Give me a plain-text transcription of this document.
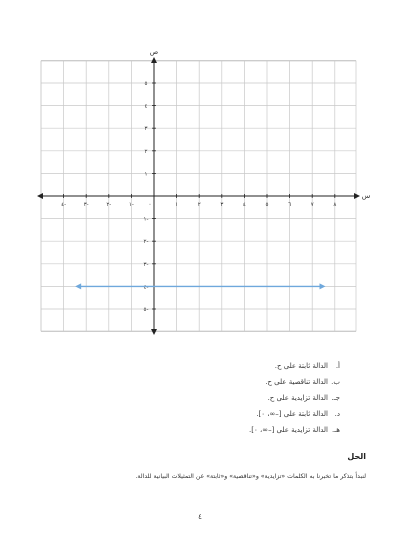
س
ص
٠
٤-	٣-	٢-	١-	١	٢	٣	٤	٥	٦	٧	٨
٥
٤
٣
٢
١
١-
٢-
٣-
٤-
٥-
أ.الدالة ثابتة على ح.
ب.الدالة تناقصية على ح.
جـ.الدالة تزايدية على ح.
د.الدالة ثابتة على [–∞، ٠].
هـ.الدالة تزايدية على [–∞، ٠].
الحل
لنبدأ بتذكر ما تخبرنا به الكلمات «تزايدية» و«تناقصية» و«ثابتة» عن التمثيلات البيانية للدالة.
٤
